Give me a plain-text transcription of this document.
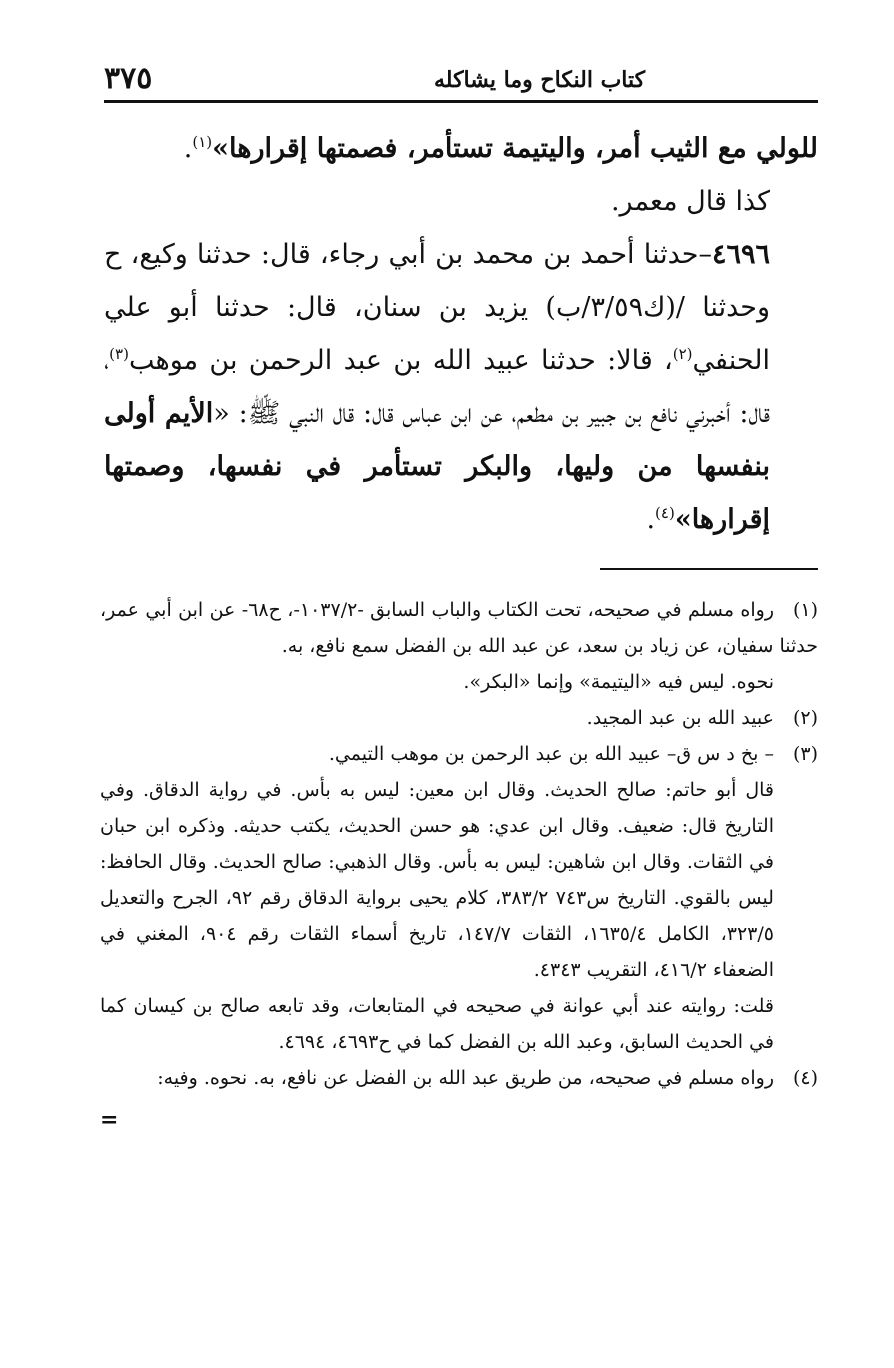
٣٧٥	كتاب النكاح وما يشاكله

للولي مع الثيب أمر، واليتيمة تستأمر، فصمتها إقرارها»$^{(١)}$.

كذا قال معمر.

٤٦٩٦–حدثنا أحمد بن محمد بن أبي رجاء، قال: حدثنا وكيع، ح وحدثنا /(ك٣/٥٩/ب) يزيد بن سنان، قال: حدثنا أبو علي الحنفي$^{(٢)}$، قالا: حدثنا عبيد الله بن عبد الرحمن بن موهب$^{(٣)}$، قال: أخبرني نافع بن جبير بن مطعم، عن ابن عباس قال: قال النبي ﷺ: «الأيم أولى بنفسها من وليها، والبكر تستأمر في نفسها، وصمتها إقرارها»$^{(٤)}$.

(١)رواه مسلم في صحيحه، تحت الكتاب والباب السابق -١٠٣٧/٢-، ح٦٨- عن ابن أبي عمر، حدثنا سفيان، عن زياد بن سعد، عن عبد الله بن الفضل سمع نافع، به.

نحوه. ليس فيه «اليتيمة» وإنما «البكر».

(٢)عبيد الله بن عبد المجيد.

(٣)– بخ د س ق– عبيد الله بن عبد الرحمن بن موهب التيمي.

قال أبو حاتم: صالح الحديث. وقال ابن معين: ليس به بأس. في رواية الدقاق. وفي التاريخ قال: ضعيف. وقال ابن عدي: هو حسن الحديث، يكتب حديثه. وذكره ابن حبان في الثقات. وقال ابن شاهين: ليس به بأس. وقال الذهبي: صالح الحديث. وقال الحافظ: ليس بالقوي. التاريخ س٧٤٣ ٣٨٣/٢، كلام يحيى برواية الدقاق رقم ٩٢، الجرح والتعديل ٣٢٣/٥، الكامل ١٦٣٥/٤، الثقات ١٤٧/٧، تاريخ أسماء الثقات رقم ٩٠٤، المغني في الضعفاء ٤١٦/٢، التقريب ٤٣٤٣.

قلت: روايته عند أبي عوانة في صحيحه في المتابعات، وقد تابعه صالح بن كيسان كما في الحديث السابق، وعبد الله بن الفضل كما في ح٤٦٩٣، ٤٦٩٤.

(٤)رواه مسلم في صحيحه، من طريق عبد الله بن الفضل عن نافع، به. نحوه. وفيه:
=
